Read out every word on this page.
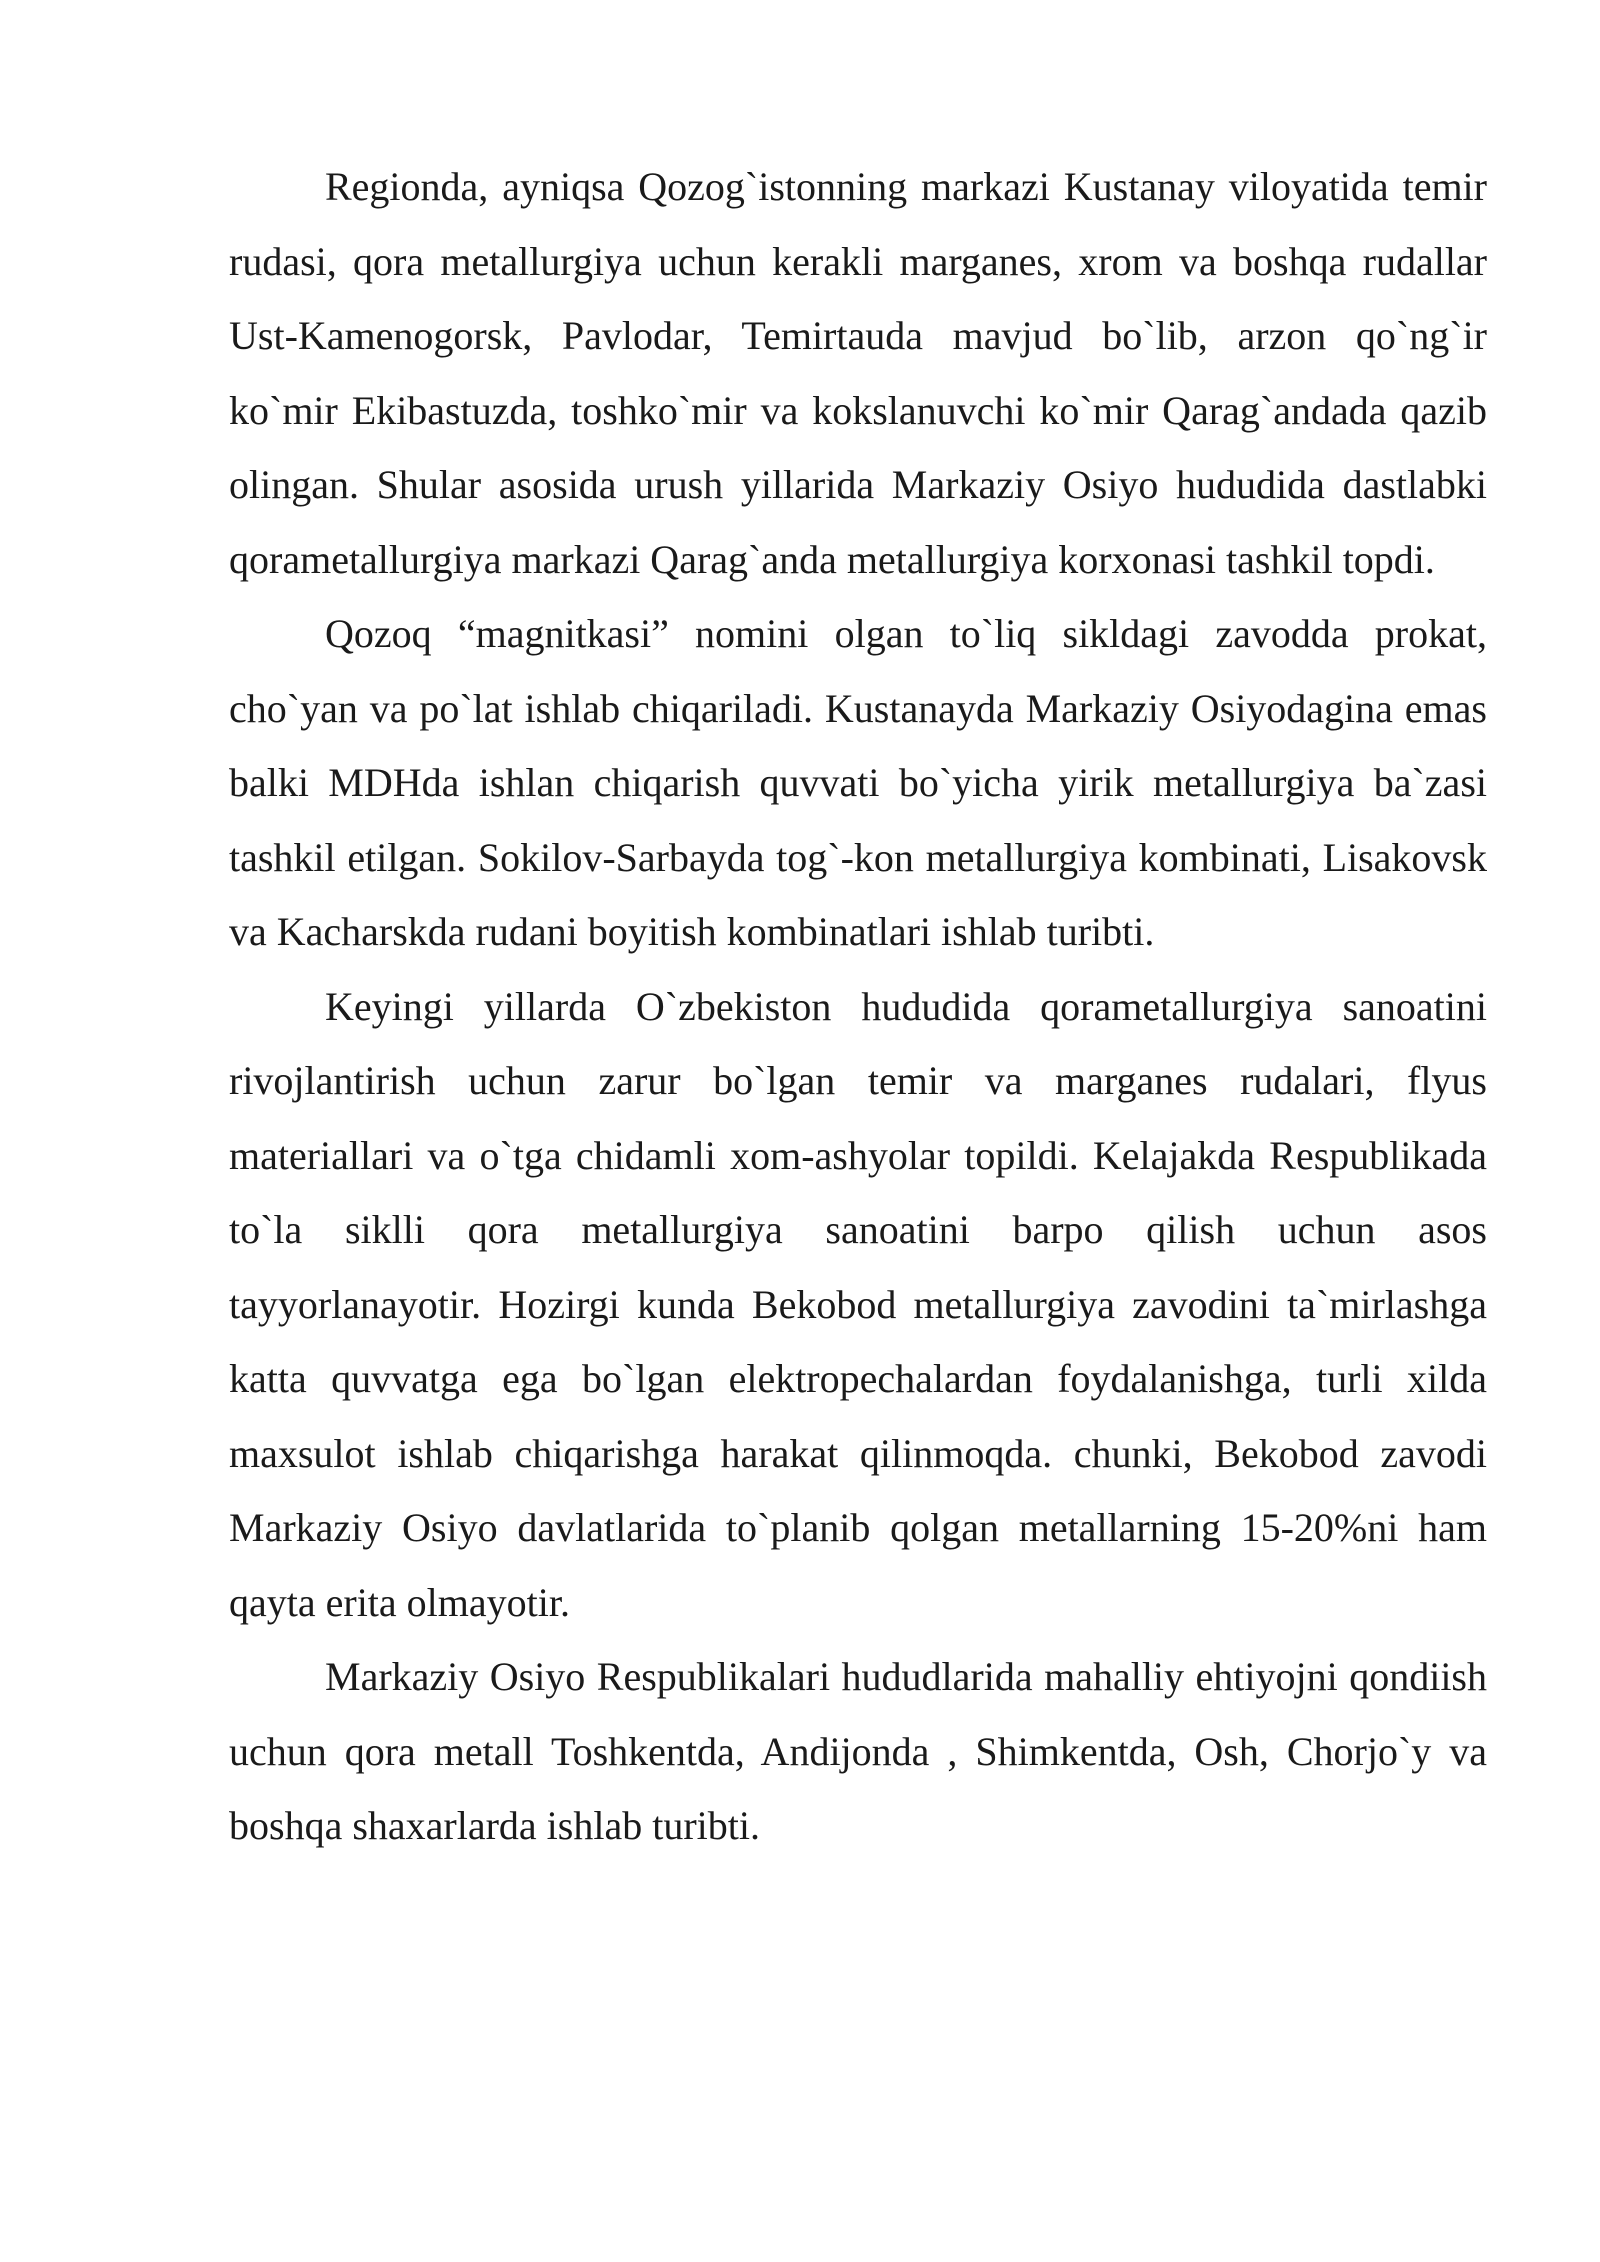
Regionda, ayniqsa Qozog`istonning markazi Kustanay viloyatida temir rudasi, qora metallurgiya uchun kerakli marganes, xrom va boshqa rudallar Ust-Kamenogorsk, Pavlodar, Temirtauda mavjud bo`lib, arzon qo`ng`ir ko`mir Ekibastuzda, toshko`mir va kokslanuvchi ko`mir Qarag`andada qazib olingan. Shular asosida urush yillarida Markaziy Osiyo hududida dastlabki qorametallurgiya markazi Qarag`anda metallurgiya korxonasi tashkil topdi.

Qozoq “magnitkasi” nomini olgan to`liq sikldagi zavodda prokat, cho`yan va po`lat ishlab chiqariladi. Kustanayda Markaziy Osiyodagina emas balki MDHda ishlan chiqarish quvvati bo`yicha yirik metallurgiya ba`zasi tashkil etilgan. Sokilov-Sarbayda tog`-kon metallurgiya kombinati, Lisakovsk va Kacharskda rudani boyitish kombinatlari ishlab turibti.

Keyingi yillarda O`zbekiston hududida qorametallurgiya sanoatini rivojlantirish uchun zarur bo`lgan temir va marganes rudalari, flyus materiallari va o`tga chidamli xom-ashyolar topildi. Kelajakda Respublikada to`la siklli qora metallurgiya sanoatini barpo qilish uchun asos tayyorlanayotir. Hozirgi kunda Bekobod metallurgiya zavodini ta`mirlashga katta quvvatga ega bo`lgan elektropechalardan foydalanishga, turli xilda maxsulot ishlab chiqarishga harakat qilinmoqda. chunki, Bekobod zavodi Markaziy Osiyo davlatlarida to`planib qolgan metallarning 15-20%ni ham qayta erita olmayotir.

Markaziy Osiyo Respublikalari hududlarida mahalliy ehtiyojni qondiish uchun qora metall Toshkentda, Andijonda , Shimkentda, Osh, Chorjo`y va boshqa shaxarlarda ishlab turibti.
